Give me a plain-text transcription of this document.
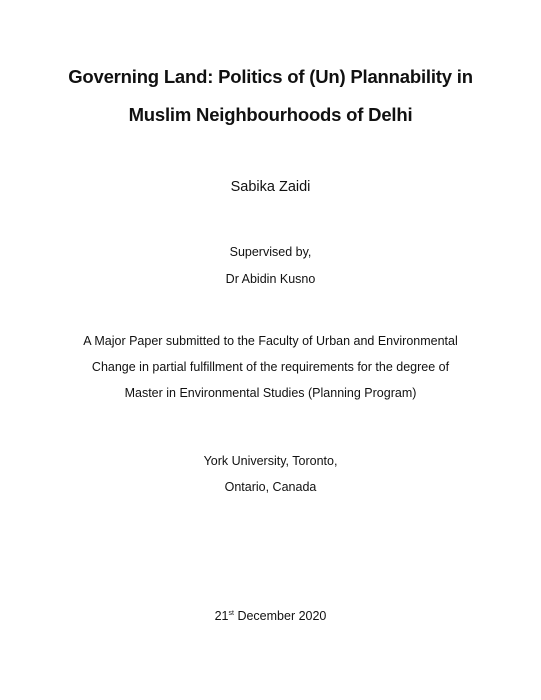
Governing Land: Politics of (Un) Plannability in
Muslim Neighbourhoods of Delhi
Sabika Zaidi
Supervised by,
Dr Abidin Kusno
A Major Paper submitted to the Faculty of Urban and Environmental
Change in partial fulfillment of the requirements for the degree of
Master in Environmental Studies (Planning Program)
York University, Toronto,
Ontario, Canada
21st December 2020
